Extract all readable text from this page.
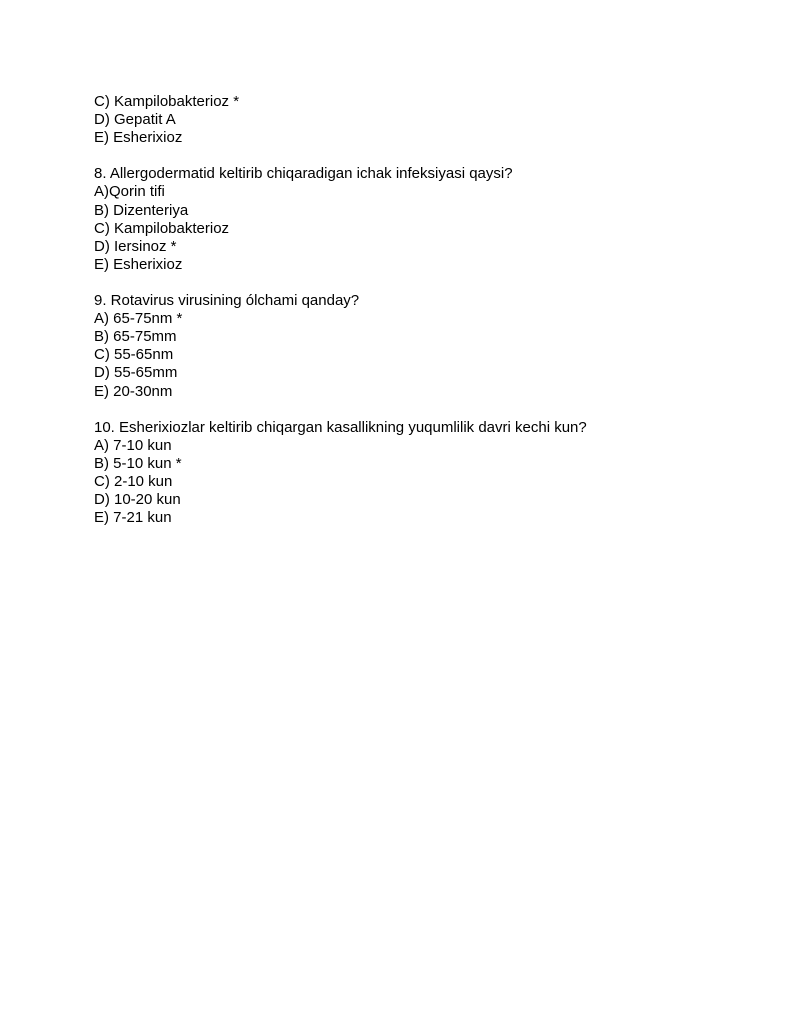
C) Kampilobakterioz *

D) Gepatit A

E) Esherixioz

8. Allergodermatid keltirib chiqaradigan ichak infeksiyasi qaysi?

A)Qorin tifi

B) Dizenteriya

C) Kampilobakterioz

D) Iersinoz *

E) Esherixioz

9. Rotavirus virusining ólchami qanday?

A) 65-75nm *

B) 65-75mm

C) 55-65nm

D) 55-65mm

E) 20-30nm

10. Esherixiozlar keltirib chiqargan kasallikning yuqumlilik davri kechi kun?

A) 7-10 kun

B) 5-10 kun *

C) 2-10 kun

D) 10-20 kun

E) 7-21 kun
